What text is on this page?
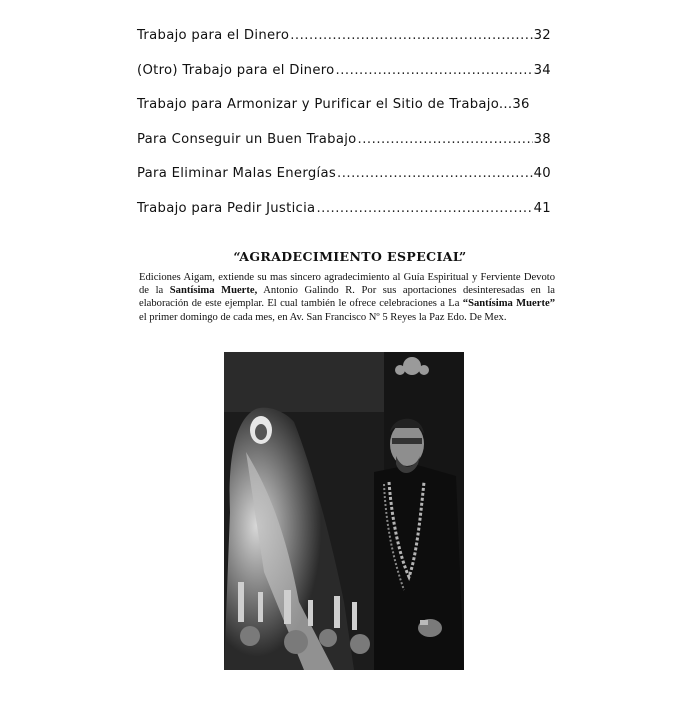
Trabajo para el Dinero .....	32
(Otro) Trabajo para el Dinero .....	34
Trabajo para Armonizar y Purificar el Sitio de Trabajo... 36
Para Conseguir un Buen Trabajo .....	38
Para Eliminar Malas Energías .....	40
Trabajo para Pedir Justicia .....	41
“AGRADECIMIENTO ESPECIAL”

Ediciones Aigam, extiende su mas sincero agradecimiento al Guía Espiritual y Ferviente Devoto de la Santísima Muerte, Antonio Galindo R. Por sus aportaciones desinteresadas en la elaboración de este ejemplar. El cual también le ofrece celebraciones a La “Santísima Muerte” el primer domingo de cada mes, en Av. San Francisco Nº 5 Reyes la Paz Edo. De Mex.
